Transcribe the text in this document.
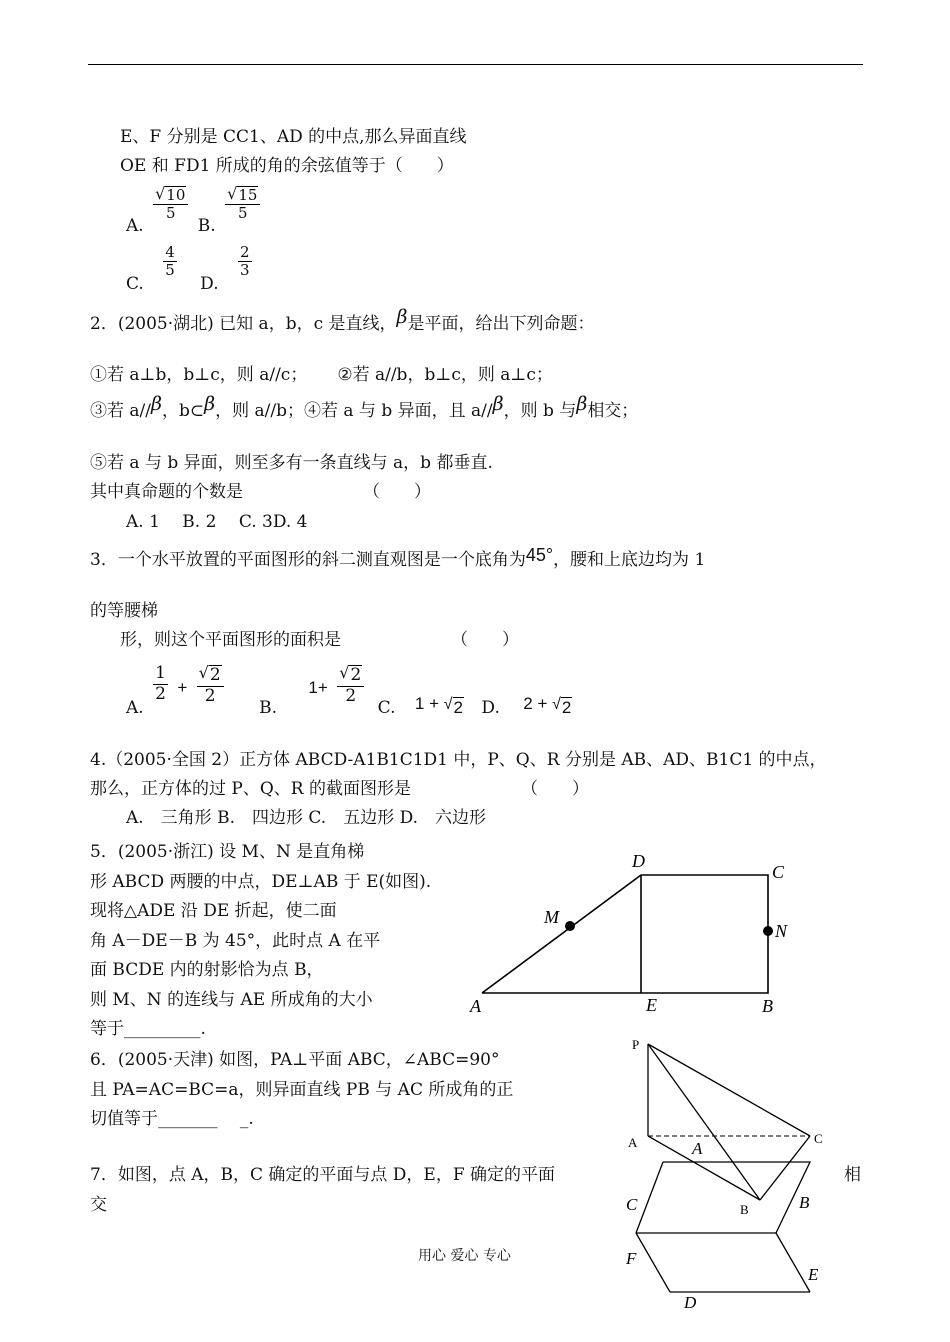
E、F 分别是 CC1、AD 的中点,那么异面直线
OE 和 FD1 所成的角的余弦值等于（　　）
A.
$\frac{√ 10}{5}$
B.
$\frac{√ 15}{5}$
C.
$\frac{4}{5}$
D.
$\frac{2}{3}$
2．(2005·湖北) 已知 a，b，c 是直线，β是平面，给出下列命题：
①若 a⊥b，b⊥c，则 a//c； ②若 a//b，b⊥c，则 a⊥c；
③若 a//β，b⊂β，则 a//b；④若 a 与 b 异面，且 a//β，则 b 与β相交；
⑤若 a 与 b 异面，则至多有一条直线与 a，b 都垂直.
其中真命题的个数是	（　　）
A. 1　 B. 2　 C. 3D. 4
3．一个水平放置的平面图形的斜二测直观图是一个底角为45°，腰和上底边均为 1
的等腰梯
形，则这个平面图形的面积是	（　　）
A.
$\frac{1}{2} + \frac{√ 2}{2}$
B. $1+ \frac{√ 2}{2}$
C. 1 + √ 2 D. 2 + √ 2
4.（2005·全国 2）正方体 ABCD-A1B1C1D1 中，P、Q、R 分别是 AB、AD、B1C1 的中点，
那么，正方体的过 P、Q、R 的截面图形是	（　　）
A.　三角形 B.　四边形 C.　五边形 D.　六边形
5．(2005·浙江) 设 M、N 是直角梯
形 ABCD 两腰的中点，DE⊥AB 于 E(如图).
现将△ADE 沿 DE 折起，使二面
角 A－DE－B 为 45°，此时点 A 在平
面 BCDE 内的射影恰为点 B，
则 M、N 的连线与 AE 所成角的大小
等于_________.
D
C
M
N
A	E	B
6．(2005·天津) 如图，PA⊥平面 ABC，∠ABC=90°
且 PA=AC=BC=a，则异面直线 PB 与 AC 所成角的正
切值等于_______　 _.
7．如图，点 A，B，C 确定的平面与点 D，E，F 确定的平面	相
交
P
A	C
B
A
C	B
F
E
D
用心 爱心 专心
